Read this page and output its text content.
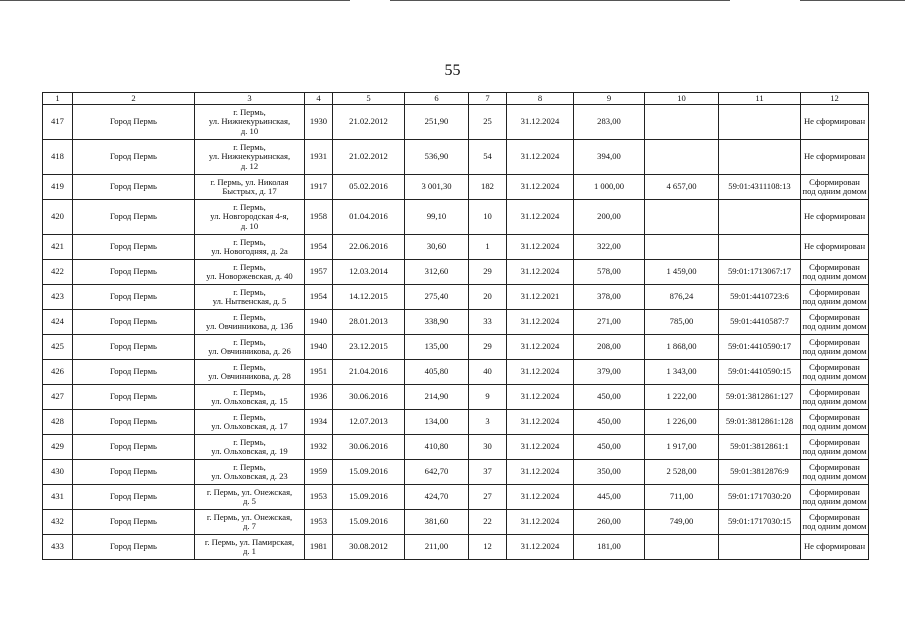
55
1	2	3	4	5	6	7	8	9	10	11	12
417	Город Пермь	г. Пермь,
ул. Нижнекурьинская,
д. 10	1930	21.02.2012	251,90	25	31.12.2024	283,00			Не сформирован
418	Город Пермь	г. Пермь,
ул. Нижнекурьинская,
д. 12	1931	21.02.2012	536,90	54	31.12.2024	394,00			Не сформирован
419	Город Пермь	г. Пермь, ул. Николая
Быстрых, д. 17	1917	05.02.2016	3 001,30	182	31.12.2024	1 000,00	4 657,00	59:01:4311108:13	Сформирован под одним домом
420	Город Пермь	г. Пермь,
ул. Новгородская 4-я,
д. 10	1958	01.04.2016	99,10	10	31.12.2024	200,00			Не сформирован
421	Город Пермь	г. Пермь,
ул. Новогодняя, д. 2а	1954	22.06.2016	30,60	1	31.12.2024	322,00			Не сформирован
422	Город Пермь	г. Пермь,
ул. Новоржевская, д. 40	1957	12.03.2014	312,60	29	31.12.2024	578,00	1 459,00	59:01:1713067:17	Сформирован под одним домом
423	Город Пермь	г. Пермь,
ул. Нытвенская, д. 5	1954	14.12.2015	275,40	20	31.12.2021	378,00	876,24	59:01:4410723:6	Сформирован под одним домом
424	Город Пермь	г. Пермь,
ул. Овчинникова, д. 13б	1940	28.01.2013	338,90	33	31.12.2024	271,00	785,00	59:01:4410587:7	Сформирован под одним домом
425	Город Пермь	г. Пермь,
ул. Овчинникова, д. 26	1940	23.12.2015	135,00	29	31.12.2024	208,00	1 868,00	59:01:4410590:17	Сформирован под одним домом
426	Город Пермь	г. Пермь,
ул. Овчинникова, д. 28	1951	21.04.2016	405,80	40	31.12.2024	379,00	1 343,00	59:01:4410590:15	Сформирован под одним домом
427	Город Пермь	г. Пермь,
ул. Ольховская, д. 15	1936	30.06.2016	214,90	9	31.12.2024	450,00	1 222,00	59:01:3812861:127	Сформирован под одним домом
428	Город Пермь	г. Пермь,
ул. Ольховская, д. 17	1934	12.07.2013	134,00	3	31.12.2024	450,00	1 226,00	59:01:3812861:128	Сформирован под одним домом
429	Город Пермь	г. Пермь,
ул. Ольховская, д. 19	1932	30.06.2016	410,80	30	31.12.2024	450,00	1 917,00	59:01:3812861:1	Сформирован под одним домом
430	Город Пермь	г. Пермь,
ул. Ольховская, д. 23	1959	15.09.2016	642,70	37	31.12.2024	350,00	2 528,00	59:01:3812876:9	Сформирован под одним домом
431	Город Пермь	г. Пермь, ул. Онежская,
д. 5	1953	15.09.2016	424,70	27	31.12.2024	445,00	711,00	59:01:1717030:20	Сформирован под одним домом
432	Город Пермь	г. Пермь, ул. Онежская,
д. 7	1953	15.09.2016	381,60	22	31.12.2024	260,00	749,00	59:01:1717030:15	Сформирован под одним домом
433	Город Пермь	г. Пермь, ул. Памирская,
д. 1	1981	30.08.2012	211,00	12	31.12.2024	181,00			Не сформирован
